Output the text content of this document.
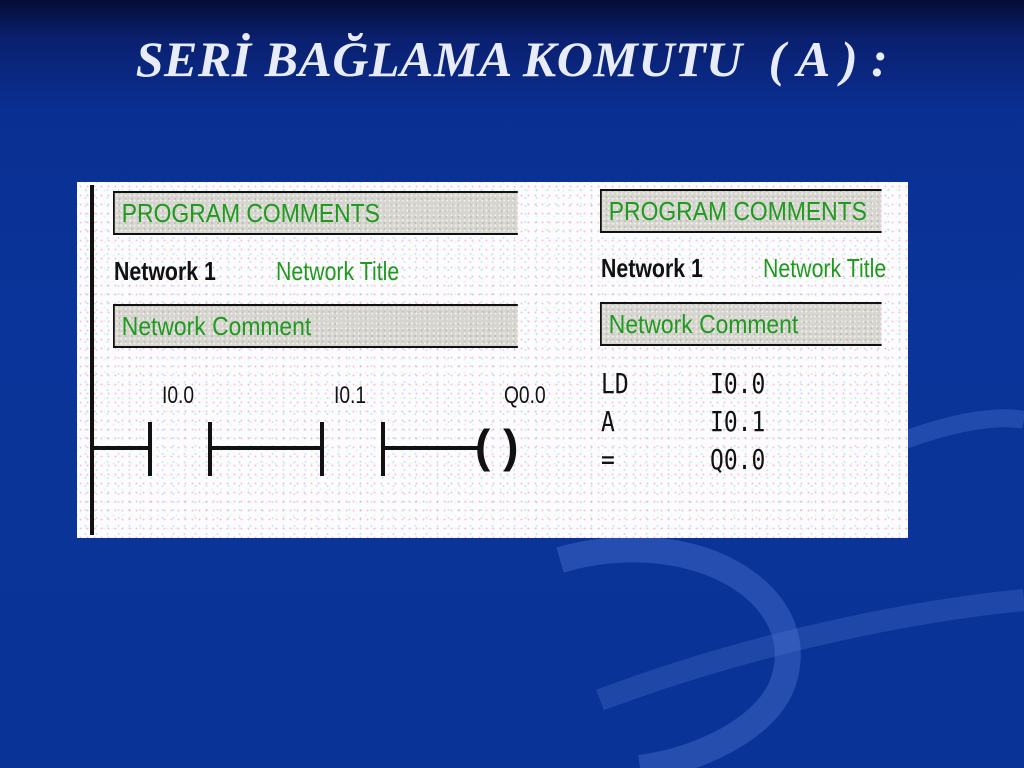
SERİ BAĞLAMA KOMUTU  ( A ) :
PROGRAM COMMENTS
Network 1 Network Title
Network Comment
I0.0	I0.1	Q0.0
( )
PROGRAM COMMENTS
Network 1 Network Title
Network Comment
LD	I0.0
A	I0.1
=	Q0.0
